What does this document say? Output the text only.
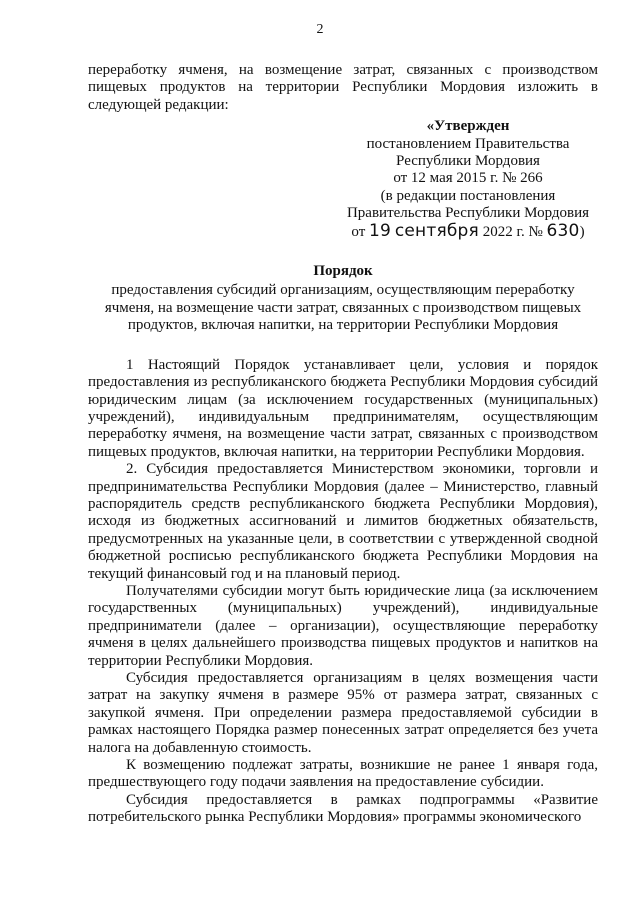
2

переработку ячменя, на возмещение затрат, связанных с производством пищевых продуктов на территории Республики Мордовия изложить в следующей редакции:

«Утвержден
постановлением Правительства
Республики Мордовия
от 12 мая 2015 г. № 266
(в редакции постановления
Правительства Республики Мордовия
от 19 сентября 2022 г. № 630)
Порядок
предоставления субсидий организациям, осуществляющим переработку
ячменя, на возмещение части затрат, связанных с производством пищевых
продуктов, включая напитки, на территории Республики Мордовия

1 Настоящий Порядок устанавливает цели, условия и порядок предоставления из республиканского бюджета Республики Мордовия субсидий юридическим лицам (за исключением государственных (муниципальных) учреждений), индивидуальным предпринимателям, осуществляющим переработку ячменя, на возмещение части затрат, связанных с производством пищевых продуктов, включая напитки, на территории Республики Мордовия.

2. Субсидия предоставляется Министерством экономики, торговли и предпринимательства Республики Мордовия (далее – Министерство, главный распорядитель средств республиканского бюджета Республики Мордовия), исходя из бюджетных ассигнований и лимитов бюджетных обязательств, предусмотренных на указанные цели, в соответствии с утвержденной сводной бюджетной росписью республиканского бюджета Республики Мордовия на текущий финансовый год и на плановый период.

Получателями субсидии могут быть юридические лица (за исключением государственных (муниципальных) учреждений), индивидуальные предприниматели (далее – организации), осуществляющие переработку ячменя в целях дальнейшего производства пищевых продуктов и напитков на территории Республики Мордовия.

Субсидия предоставляется организациям в целях возмещения части затрат на закупку ячменя в размере 95% от размера затрат, связанных с закупкой ячменя. При определении размера предоставляемой субсидии в рамках настоящего Порядка размер понесенных затрат определяется без учета налога на добавленную стоимость.

К возмещению подлежат затраты, возникшие не ранее 1 января года, предшествующего году подачи заявления на предоставление субсидии.

Субсидия предоставляется в рамках подпрограммы «Развитие потребительского рынка Республики Мордовия» программы экономического
